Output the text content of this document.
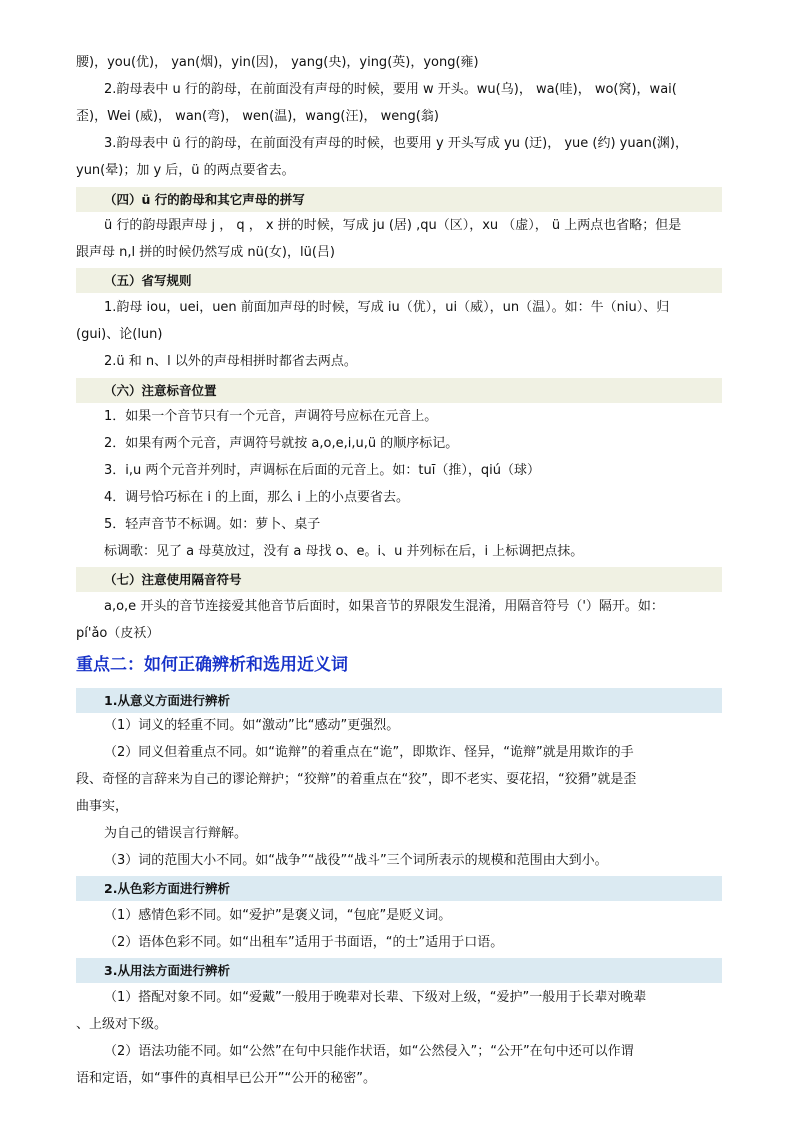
腰)，you(优)， yan(烟)，yin(因)， yang(央)，ying(英)，yong(雍)
2.韵母表中 u 行的韵母，在前面没有声母的时候，要用 w 开头。wu(乌)， wa(哇)， wo(窝)，wai(
歪)，Wei (威)， wan(弯)， wen(温)，wang(汪)， weng(翁)
3.韵母表中 ü 行的韵母，在前面没有声母的时候，也要用 y 开头写成 yu (迂)， yue (约) yuan(渊)，
yun(晕)；加 y 后，ü 的两点要省去。
（四）ü 行的韵母和其它声母的拼写
ü 行的韵母跟声母 j ， q ， x 拼的时候，写成 ju (居) ,qu（区），xu （虚）， ü 上两点也省略；但是
跟声母 n,l 拼的时候仍然写成 nü(女)，lü(吕)
（五）省写规则
1.韵母 iou，uei，uen 前面加声母的时候，写成 iu（优），ui（威），un（温）。如：牛（niu）、归
(gui)、论(lun)
2.ü 和 n、l 以外的声母相拼时都省去两点。
（六）注意标音位置
1．如果一个音节只有一个元音，声调符号应标在元音上。
2．如果有两个元音，声调符号就按 a,o,e,i,u,ü 的顺序标记。
3．i,u 两个元音并列时，声调标在后面的元音上。如：tuī（推），qiú（球）
4．调号恰巧标在 i 的上面，那么 i 上的小点要省去。
5．轻声音节不标调。如：萝卜、桌子
标调歌：见了 a 母莫放过，没有 a 母找 o、e。i、u 并列标在后，i 上标调把点抹。
（七）注意使用隔音符号
a,o,e 开头的音节连接爱其他音节后面时，如果音节的界限发生混淆，用隔音符号（'）隔开。如：
pí'ǎo（皮袄）
重点二：如何正确辨析和选用近义词
1.从意义方面进行辨析
（1）词义的轻重不同。如“激动”比“感动”更强烈。
（2）同义但着重点不同。如“诡辩”的着重点在“诡”，即欺诈、怪异，“诡辩”就是用欺诈的手
段、奇怪的言辞来为自己的谬论辩护；“狡辩”的着重点在“狡”，即不老实、耍花招，“狡猾”就是歪
曲事实，
为自己的错误言行辩解。
（3）词的范围大小不同。如“战争”“战役”“战斗”三个词所表示的规模和范围由大到小。
2.从色彩方面进行辨析
（1）感情色彩不同。如“爱护”是褒义词，“包庇”是贬义词。
（2）语体色彩不同。如“出租车”适用于书面语，“的士”适用于口语。
3.从用法方面进行辨析
（1）搭配对象不同。如“爱戴”一般用于晚辈对长辈、下级对上级，“爱护”一般用于长辈对晚辈
、上级对下级。
（2）语法功能不同。如“公然”在句中只能作状语，如“公然侵入”；“公开”在句中还可以作谓
语和定语，如“事件的真相早已公开”“公开的秘密”。
